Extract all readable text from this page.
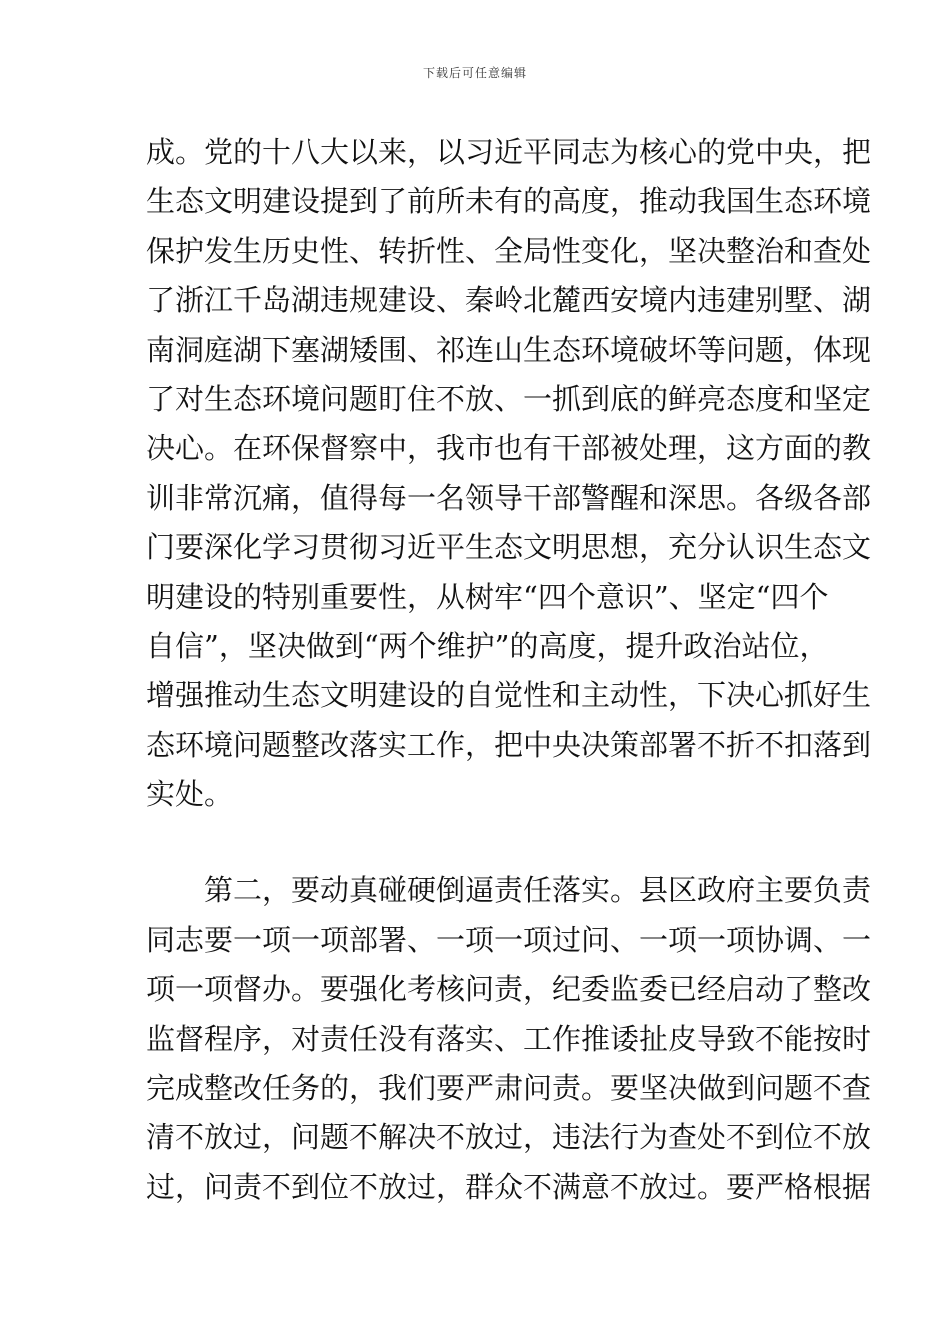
下载后可任意编辑
成。党的十八大以来，以习近平同志为核心的党中央，把
生态文明建设提到了前所未有的高度，推动我国生态环境
保护发生历史性、转折性、全局性变化，坚决整治和查处
了浙江千岛湖违规建设、秦岭北麓西安境内违建别墅、湖
南洞庭湖下塞湖矮围、祁连山生态环境破坏等问题，体现
了对生态环境问题盯住不放、一抓到底的鲜亮态度和坚定
决心。在环保督察中，我市也有干部被处理，这方面的教
训非常沉痛，值得每一名领导干部警醒和深思。各级各部
门要深化学习贯彻习近平生态文明思想，充分认识生态文
明建设的特别重要性，从树牢“四个意识”、坚定“四个
自信”，坚决做到“两个维护”的高度，提升政治站位，
增强推动生态文明建设的自觉性和主动性，下决心抓好生
态环境问题整改落实工作，把中央决策部署不折不扣落到
实处。
第二，要动真碰硬倒逼责任落实。县区政府主要负责
同志要一项一项部署、一项一项过问、一项一项协调、一
项一项督办。要强化考核问责，纪委监委已经启动了整改
监督程序，对责任没有落实、工作推诿扯皮导致不能按时
完成整改任务的，我们要严肃问责。要坚决做到问题不查
清不放过，问题不解决不放过，违法行为查处不到位不放
过，问责不到位不放过，群众不满意不放过。要严格根据
